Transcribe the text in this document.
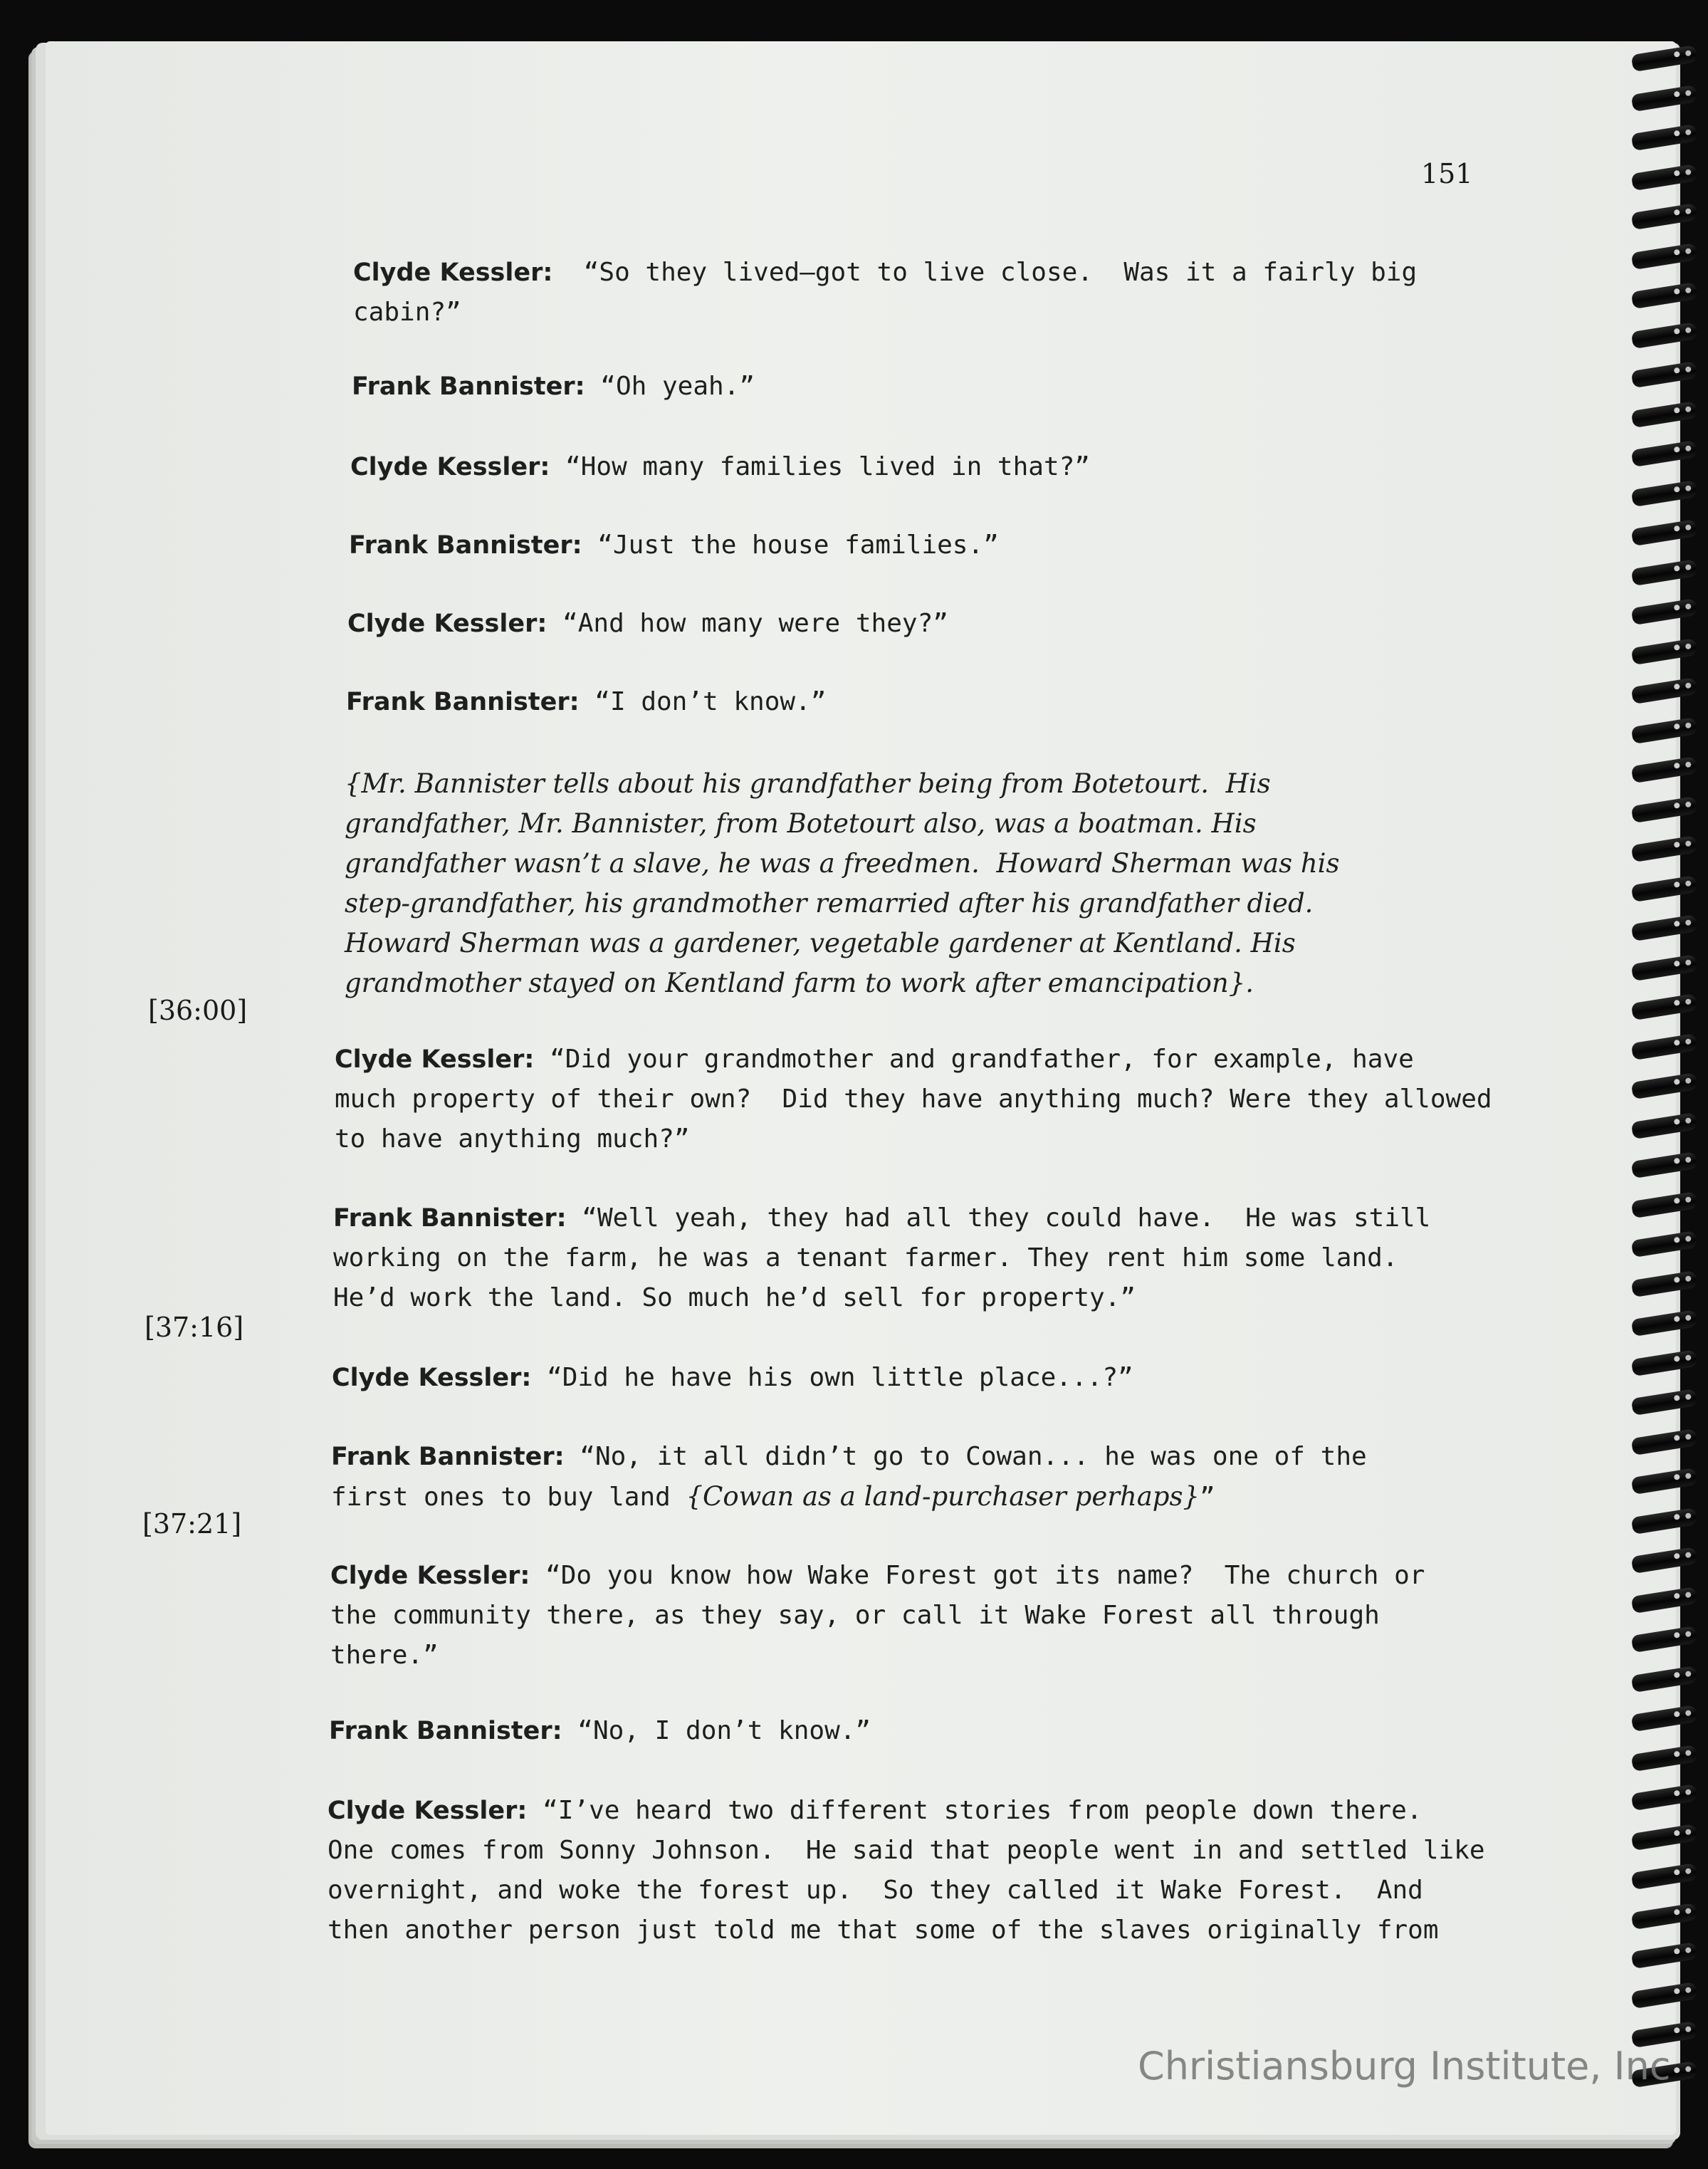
151
Clyde Kessler:  “So they lived—got to live close.  Was it a fairly big
cabin?”
Frank Bannister: “Oh yeah.”
Clyde Kessler: “How many families lived in that?”
Frank Bannister: “Just the house families.”
Clyde Kessler: “And how many were they?”
Frank Bannister: “I don’t know.”
{Mr. Bannister tells about his grandfather being from Botetourt.  His
grandfather, Mr. Bannister, from Botetourt also, was a boatman. His
grandfather wasn’t a slave, he was a freedmen.  Howard Sherman was his
step-grandfather, his grandmother remarried after his grandfather died.
Howard Sherman was a gardener, vegetable gardener at Kentland. His
grandmother stayed on Kentland farm to work after emancipation}.
[36:00]
Clyde Kessler: “Did your grandmother and grandfather, for example, have
much property of their own?  Did they have anything much? Were they allowed
to have anything much?”
Frank Bannister: “Well yeah, they had all they could have.  He was still
working on the farm, he was a tenant farmer. They rent him some land.
He’d work the land. So much he’d sell for property.”
[37:16]
Clyde Kessler: “Did he have his own little place...?”
Frank Bannister: “No, it all didn’t go to Cowan... he was one of the
first ones to buy land {Cowan as a land-purchaser perhaps}”
[37:21]
Clyde Kessler: “Do you know how Wake Forest got its name?  The church or
the community there, as they say, or call it Wake Forest all through
there.”
Frank Bannister: “No, I don’t know.”
Clyde Kessler: “I’ve heard two different stories from people down there.
One comes from Sonny Johnson.  He said that people went in and settled like
overnight, and woke the forest up.  So they called it Wake Forest.  And
then another person just told me that some of the slaves originally from
Christiansburg Institute, Inc
